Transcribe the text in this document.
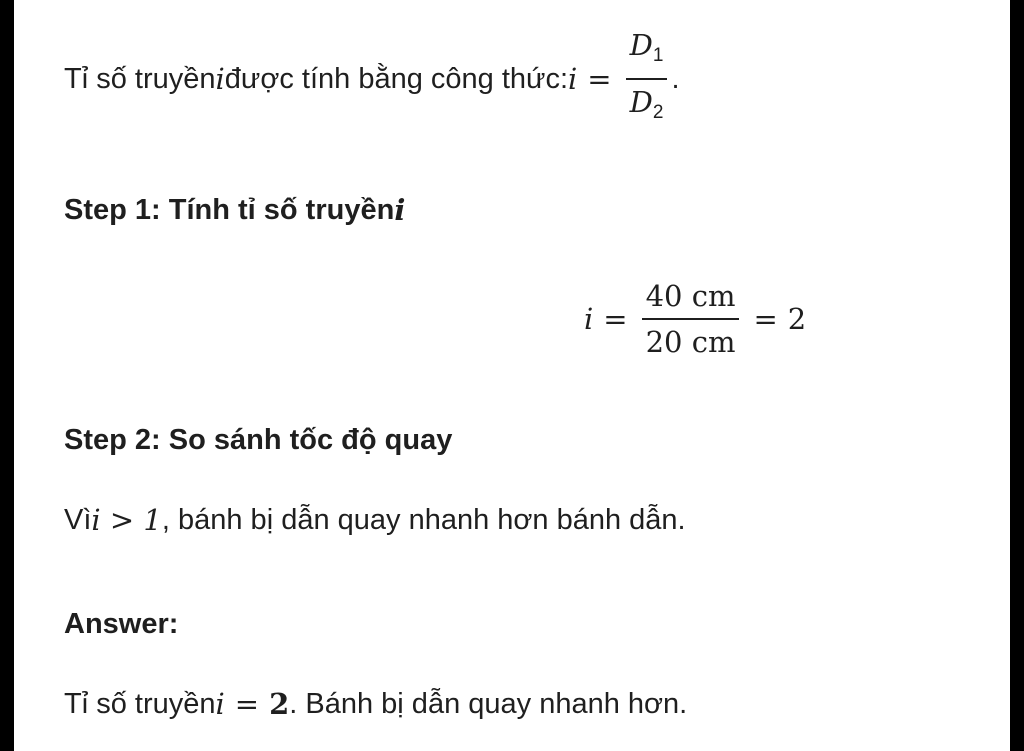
Tỉ số truyền i được tính bằng công thức: $i = \frac{D_1}{D_2}$ .
Step 1: Tính tỉ số truyền i
$i = \frac{40 cm}{20 cm} = 2$
Step 2: So sánh tốc độ quay
Vì i > 1 , bánh bị dẫn quay nhanh hơn bánh dẫn.
Answer:
Tỉ số truyền i = 2 . Bánh bị dẫn quay nhanh hơn.
